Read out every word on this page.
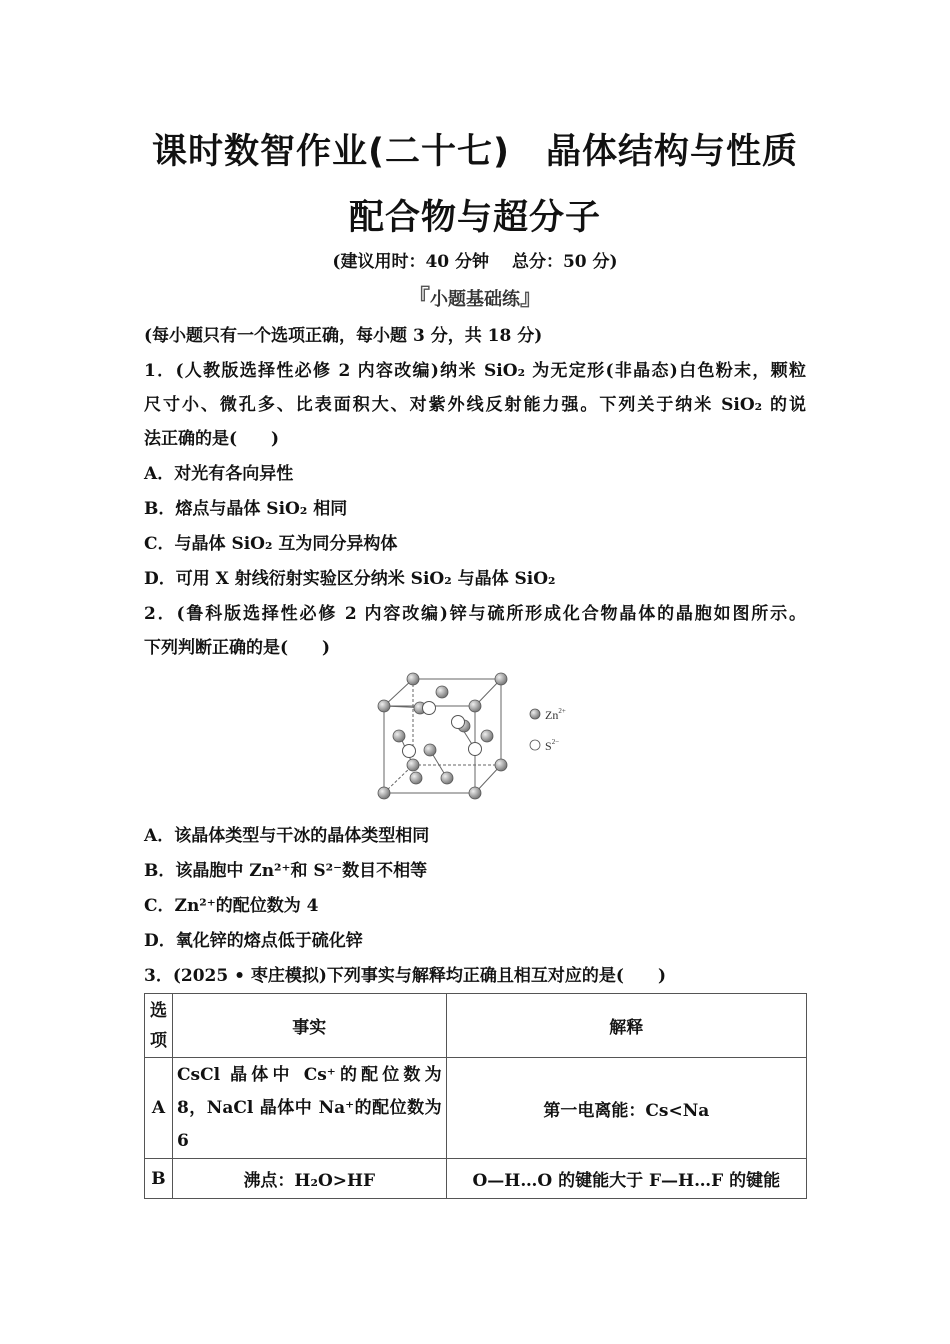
课时数智作业(二十七)　晶体结构与性质
配合物与超分子
(建议用时：40 分钟　 总分：50 分)
『小题基础练』
(每小题只有一个选项正确，每小题 3 分，共 18 分)
1．(人教版选择性必修 2 内容改编)纳米 SiO₂ 为无定形(非晶态)白色粉末，颗粒
尺寸小、微孔多、比表面积大、对紫外线反射能力强。下列关于纳米 SiO₂ 的说
法正确的是(　　)
A．对光有各向异性
B．熔点与晶体 SiO₂ 相同
C．与晶体 SiO₂ 互为同分异构体
D．可用 X 射线衍射实验区分纳米 SiO₂ 与晶体 SiO₂
2．(鲁科版选择性必修 2 内容改编)锌与硫所形成化合物晶体的晶胞如图所示。
下列判断正确的是(　　)
$Zn^{2+}$
$S^{2-}$
A．该晶体类型与干冰的晶体类型相同
B．该晶胞中 Zn²⁺和 S²⁻数目不相等
C．Zn²⁺的配位数为 4
D．氧化锌的熔点低于硫化锌
3．(2025 • 枣庄模拟)下列事实与解释均正确且相互对应的是(　　)
选项	事实	解释
A	CsCl 晶体中 Cs⁺的配位数为
8，NaCl 晶体中 Na⁺的配位数为
6	第一电离能：Cs<Na
B	沸点：H₂O>HF	O—H…O 的键能大于 F—H…F 的键能
